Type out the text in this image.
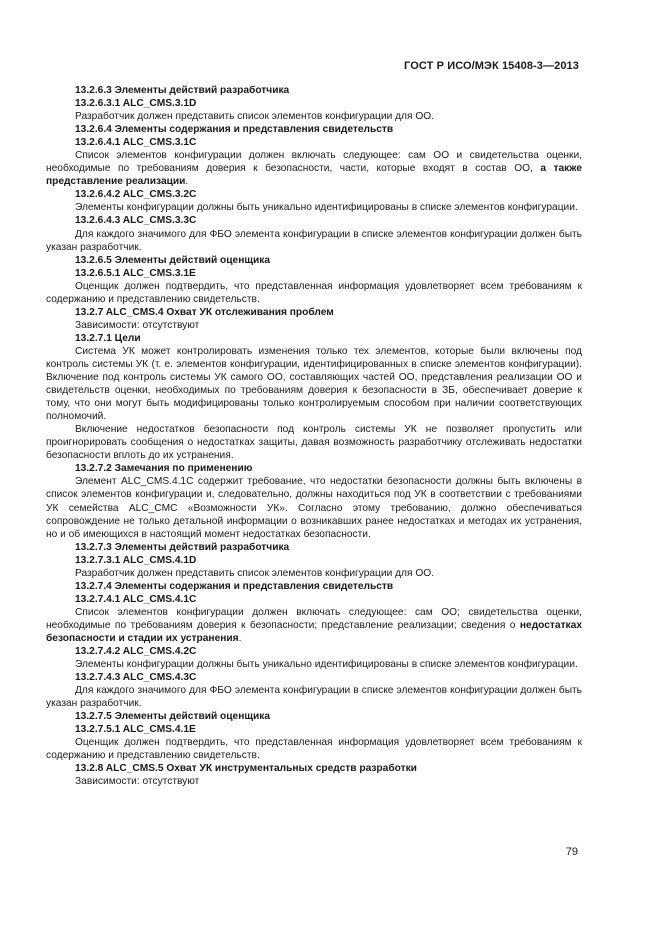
ГОСТ Р ИСО/МЭК 15408-3—2013

13.2.6.3 Элементы действий разработчика

13.2.6.3.1 ALC_CMS.3.1D

Разработчик должен представить список элементов конфигурации для ОО.

13.2.6.4 Элементы содержания и представления свидетельств

13.2.6.4.1 ALC_CMS.3.1C

Список элементов конфигурации должен включать следующее: сам ОО и свидетельства оценки, необходимые по требованиям доверия к безопасности, части, которые входят в состав ОО, а также представление реализации.

13.2.6.4.2 ALC_CMS.3.2C

Элементы конфигурации должны быть уникально идентифицированы в списке элементов конфигурации.

13.2.6.4.3 ALC_CMS.3.3C

Для каждого значимого для ФБО элемента конфигурации в списке элементов конфигурации должен быть указан разработчик.

13.2.6.5 Элементы действий оценщика

13.2.6.5.1 ALC_CMS.3.1E

Оценщик должен подтвердить, что представленная информация удовлетворяет всем требованиям к содержанию и представлению свидетельств.

13.2.7 ALC_CMS.4 Охват УК отслеживания проблем

Зависимости: отсутствуют

13.2.7.1 Цели

Система УК может контролировать изменения только тех элементов, которые были включены под контроль системы УК (т. е. элементов конфигурации, идентифицированных в списке элементов конфигурации). Включение под контроль системы УК самого ОО, составляющих частей ОО, представления реализации ОО и свидетельств оценки, необходимых по требованиям доверия к безопасности в ЗБ, обеспечивает доверие к тому, что они могут быть модифицированы только контролируемым способом при наличии соответствующих полномочий.

Включение недостатков безопасности под контроль системы УК не позволяет пропустить или проигнорировать сообщения о недостатках защиты, давая возможность разработчику отслеживать недостатки безопасности вплоть до их устранения.

13.2.7.2 Замечания по применению

Элемент ALC_CMS.4.1C содержит требование, что недостатки безопасности должны быть включены в список элементов конфигурации и, следовательно, должны находиться под УК в соответствии с требованиями УК семейства ALC_CMC «Возможности УК». Согласно этому требованию, должно обеспечиваться сопровождение не только детальной информации о возникавших ранее недостатках и методах их устранения, но и об имеющихся в настоящий момент недостатках безопасности.

13.2.7.3 Элементы действий разработчика

13.2.7.3.1 ALC_CMS.4.1D

Разработчик должен представить список элементов конфигурации для ОО.

13.2.7.4 Элементы содержания и представления свидетельств

13.2.7.4.1 ALC_CMS.4.1C

Список элементов конфигурации должен включать следующее: сам ОО; свидетельства оценки, необходимые по требованиям доверия к безопасности; представление реализации; сведения о недостатках безопасности и стадии их устранения.

13.2.7.4.2 ALC_CMS.4.2C

Элементы конфигурации должны быть уникально идентифицированы в списке элементов конфигурации.

13.2.7.4.3 ALC_CMS.4.3C

Для каждого значимого для ФБО элемента конфигурации в списке элементов конфигурации должен быть указан разработчик.

13.2.7.5 Элементы действий оценщика

13.2.7.5.1 ALC_CMS.4.1E

Оценщик должен подтвердить, что представленная информация удовлетворяет всем требованиям к содержанию и представлению свидетельств.

13.2.8 ALC_CMS.5 Охват УК инструментальных средств разработки

Зависимости: отсутствуют

79
